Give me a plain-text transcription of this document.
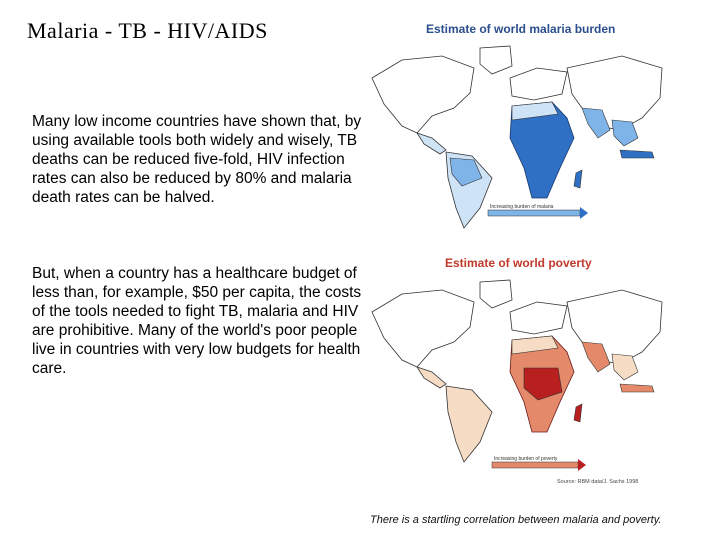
Malaria - TB - HIV/AIDS

Many low income countries have shown that, by using available tools both widely and wisely, TB deaths can be reduced five-fold, HIV infection rates can also be reduced by 80% and malaria death rates can be halved.

But, when a country has a healthcare budget of less than, for example, $50 per capita, the costs of the tools needed to fight TB, malaria and HIV are prohibitive. Many of the world's poor people live in countries with very low budgets for health care.

Estimate of world malaria burden
Increasing burden of malaria
Estimate of world poverty
Increasing burden of poverty
Source: RBM data/J. Sachs 1998
There is a startling correlation between malaria and poverty.
